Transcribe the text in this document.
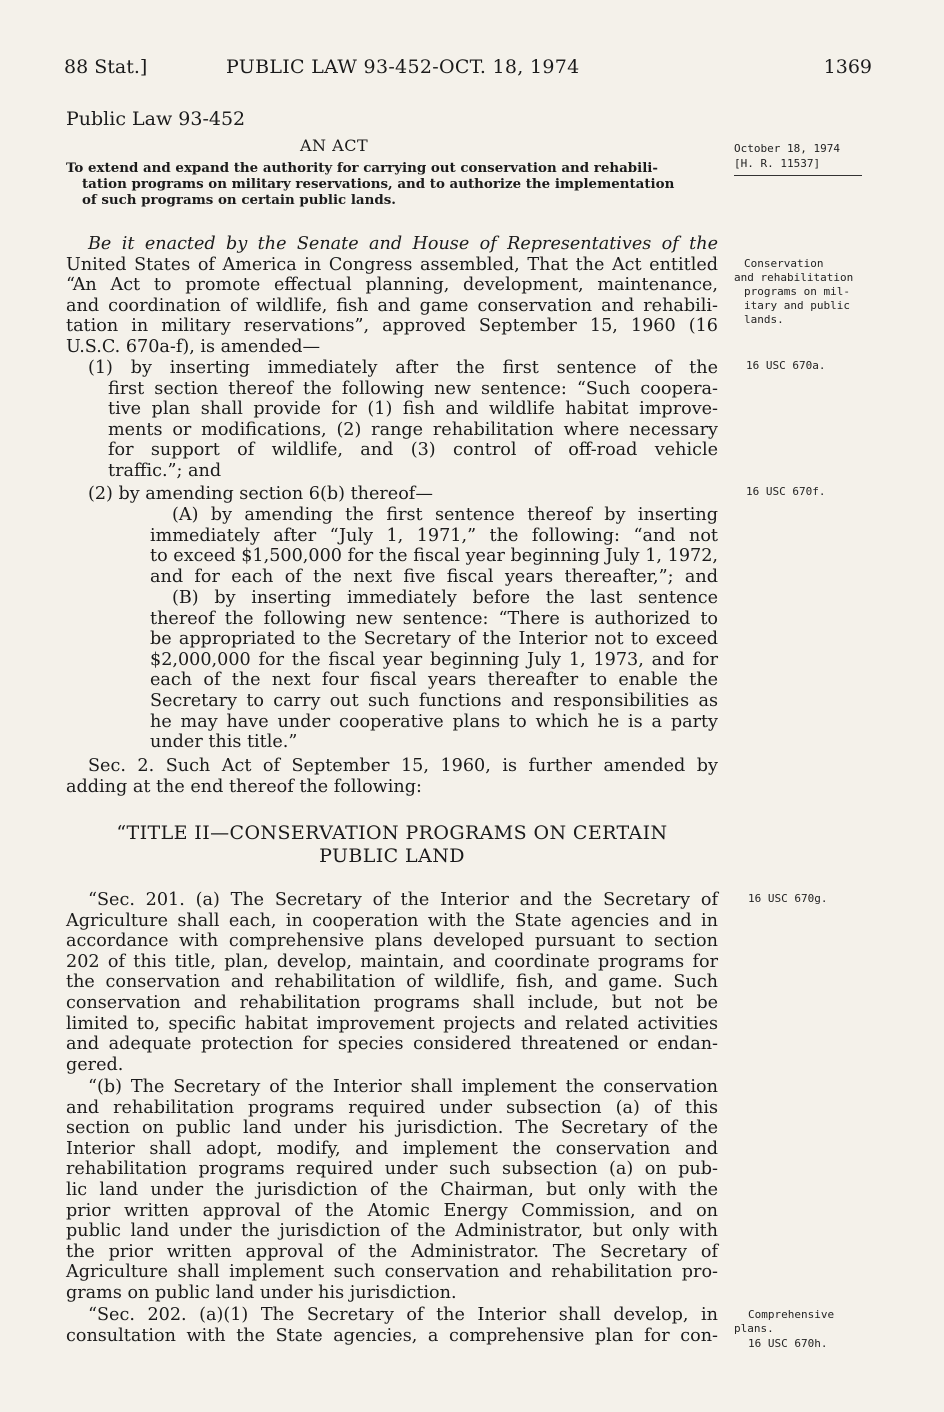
88 Stat.]	PUBLIC LAW 93-452-OCT. 18, 1974	1369
Public Law 93-452
AN ACT
To extend and expand the authority for carrying out conservation and rehabili-
tation programs on military reservations, and to authorize the implementation
of such programs on certain public lands.
October 18, 1974
[H. R. 11537]
Conservation
and rehabilitation
programs on mil-
itary and public
lands.
16 USC 670a.
16 USC 670f.
16 USC 670g.
Comprehensive
plans.
16 USC 670h.
Be it enacted by the Senate and House of Representatives of the
United States of America in Congress assembled, That the Act entitled
“An Act to promote effectual planning, development, maintenance,
and coordination of wildlife, fish and game conservation and rehabili-
tation in military reservations”, approved September 15, 1960 (16
U.S.C. 670a-f), is amended—
(1) by inserting immediately after the first sentence of the
first section thereof the following new sentence: “Such coopera-
tive plan shall provide for (1) fish and wildlife habitat improve-
ments or modifications, (2) range rehabilitation where necessary
for support of wildlife, and (3) control of off-road vehicle
traffic.”; and
(2) by amending section 6(b) thereof—
(A) by amending the first sentence thereof by inserting
immediately after “July 1, 1971,” the following: “and not
to exceed $1,500,000 for the fiscal year beginning July 1, 1972,
and for each of the next five fiscal years thereafter,”; and
(B) by inserting immediately before the last sentence
thereof the following new sentence: “There is authorized to
be appropriated to the Secretary of the Interior not to exceed
$2,000,000 for the fiscal year beginning July 1, 1973, and for
each of the next four fiscal years thereafter to enable the
Secretary to carry out such functions and responsibilities as
he may have under cooperative plans to which he is a party
under this title.”
Sec. 2. Such Act of September 15, 1960, is further amended by
adding at the end thereof the following:
“TITLE II—CONSERVATION PROGRAMS ON CERTAIN
PUBLIC LAND
“Sec. 201. (a) The Secretary of the Interior and the Secretary of
Agriculture shall each, in cooperation with the State agencies and in
accordance with comprehensive plans developed pursuant to section
202 of this title, plan, develop, maintain, and coordinate programs for
the conservation and rehabilitation of wildlife, fish, and game. Such
conservation and rehabilitation programs shall include, but not be
limited to, specific habitat improvement projects and related activities
and adequate protection for species considered threatened or endan-
gered.
“(b) The Secretary of the Interior shall implement the conservation
and rehabilitation programs required under subsection (a) of this
section on public land under his jurisdiction. The Secretary of the
Interior shall adopt, modify, and implement the conservation and
rehabilitation programs required under such subsection (a) on pub-
lic land under the jurisdiction of the Chairman, but only with the
prior written approval of the Atomic Energy Commission, and on
public land under the jurisdiction of the Administrator, but only with
the prior written approval of the Administrator. The Secretary of
Agriculture shall implement such conservation and rehabilitation pro-
grams on public land under his jurisdiction.
“Sec. 202. (a)(1) The Secretary of the Interior shall develop, in
consultation with the State agencies, a comprehensive plan for con-
